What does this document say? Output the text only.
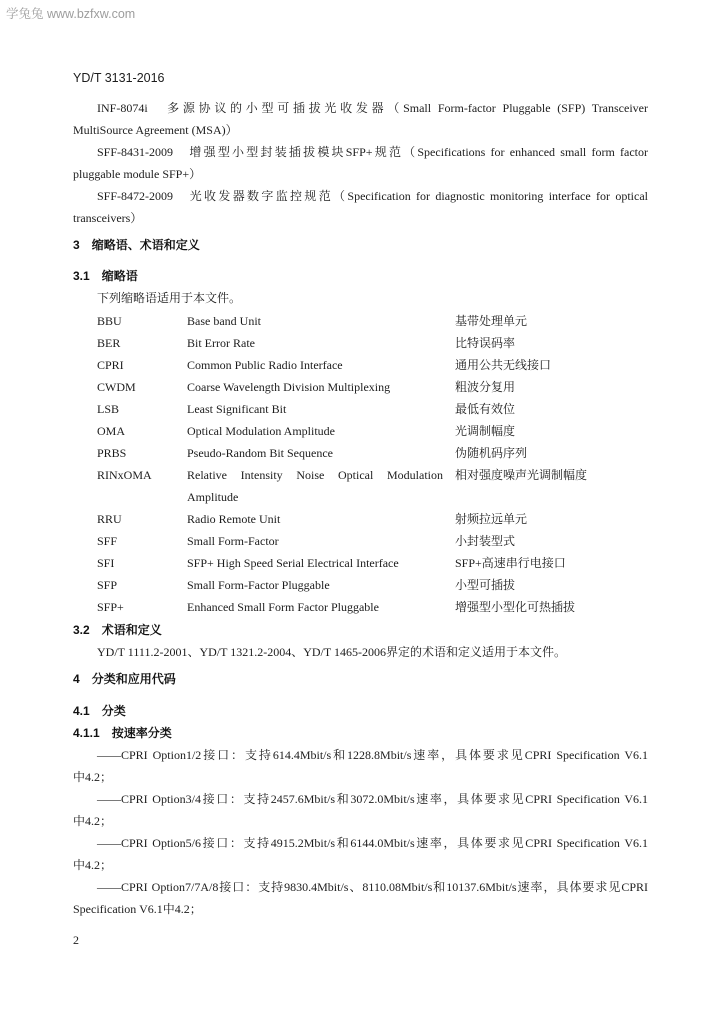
学兔兔 www.bzfxw.com
YD/T 3131-2016
INF-8074i　多源协议的小型可插拔光收发器（Small Form-factor Pluggable (SFP) Transceiver
MultiSource Agreement (MSA)）
SFF-8431-2009　增强型小型封装插拔模块SFP+规范（Specifications for enhanced small form factor
pluggable module SFP+）
SFF-8472-2009　光收发器数字监控规范（Specification for diagnostic monitoring interface for optical
transceivers）
3 缩略语、术语和定义
3.1 缩略语
下列缩略语适用于本文件。
BBU	Base band Unit	基带处理单元
BER	Bit Error Rate	比特误码率
CPRI	Common Public Radio Interface	通用公共无线接口
CWDM	Coarse Wavelength Division Multiplexing	粗波分复用
LSB	Least Significant Bit	最低有效位
OMA	Optical Modulation Amplitude	光调制幅度
PRBS	Pseudo-Random Bit Sequence	伪随机码序列
RINxOMA	Relative Intensity Noise Optical Modulation Amplitude
相对强度噪声光调制幅度
RRU	Radio Remote Unit	射频拉远单元
SFF	Small Form-Factor	小封装型式
SFI	SFP+ High Speed Serial Electrical Interface	SFP+高速串行电接口
SFP	Small Form-Factor Pluggable	小型可插拔
SFP+	Enhanced Small Form Factor Pluggable	增强型小型化可热插拔
3.2 术语和定义
YD/T 1111.2-2001、YD/T 1321.2-2004、YD/T 1465-2006界定的术语和定义适用于本文件。
4 分类和应用代码
4.1 分类
4.1.1 按速率分类
——CPRI Option1/2接口：支持614.4Mbit/s和1228.8Mbit/s速率，具体要求见CPRI Specification V6.1
中4.2；
——CPRI Option3/4接口：支持2457.6Mbit/s和3072.0Mbit/s速率，具体要求见CPRI Specification V6.1
中4.2；
——CPRI Option5/6接口：支持4915.2Mbit/s和6144.0Mbit/s速率，具体要求见CPRI Specification V6.1
中4.2；
——CPRI Option7/7A/8接口：支持9830.4Mbit/s、8110.08Mbit/s和10137.6Mbit/s速率，具体要求见CPRI
Specification V6.1中4.2；
2
